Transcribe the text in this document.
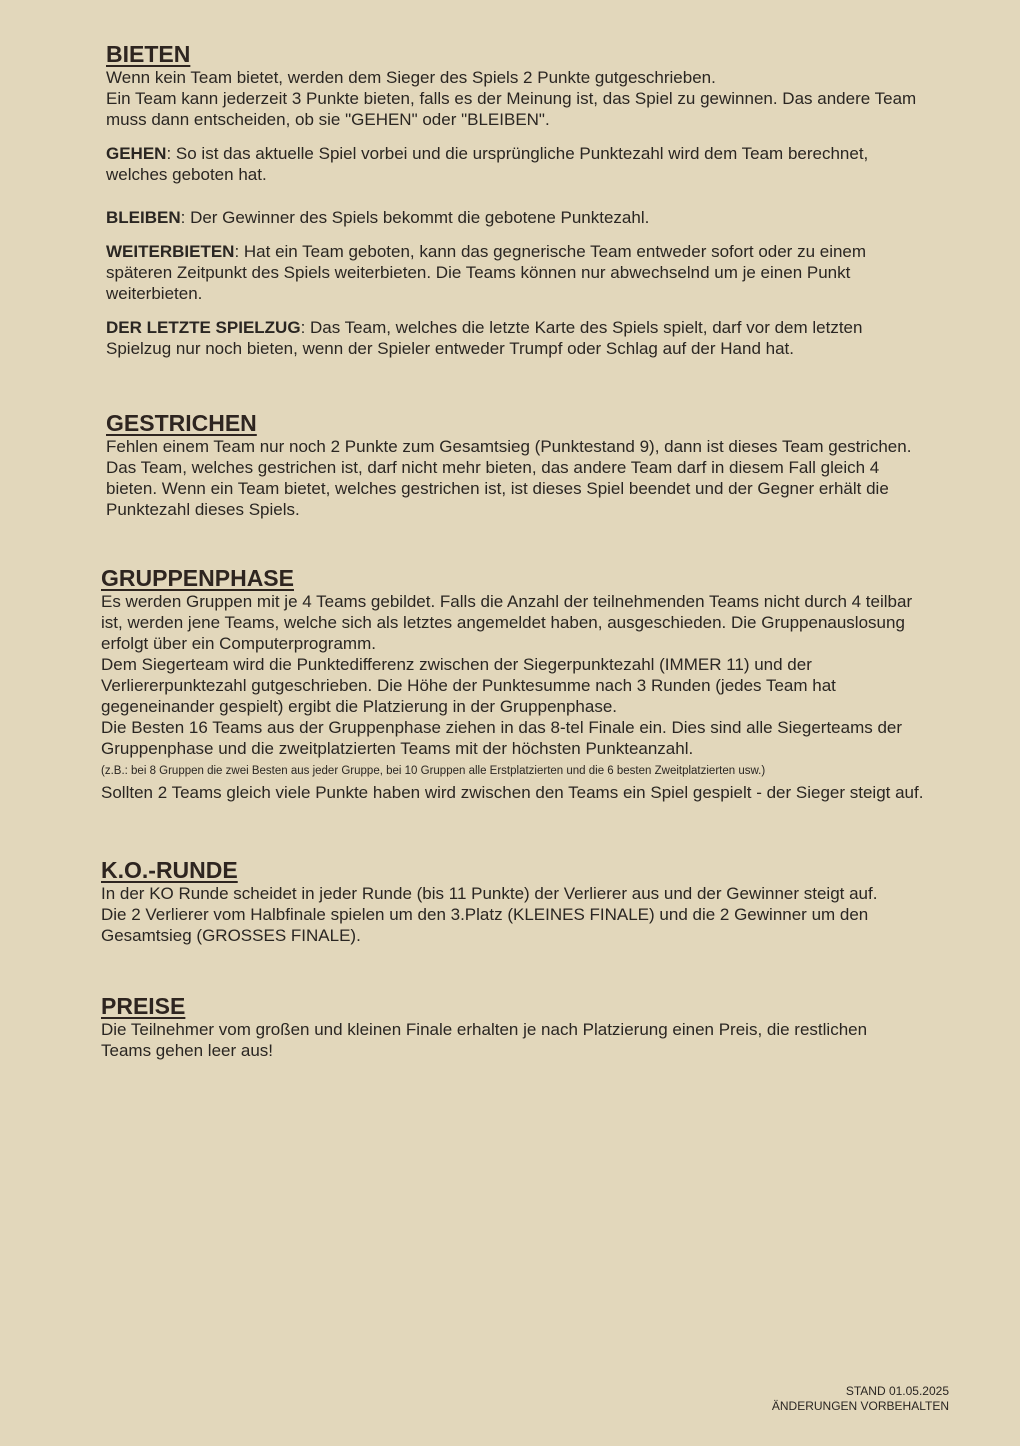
BIETEN

Wenn kein Team bietet, werden dem Sieger des Spiels 2 Punkte gutgeschrieben.

Ein Team kann jederzeit 3 Punkte bieten, falls es der Meinung ist, das Spiel zu gewinnen. Das andere Team muss dann entscheiden, ob sie "GEHEN" oder "BLEIBEN".

GEHEN: So ist das aktuelle Spiel vorbei und die ursprüngliche Punktezahl wird dem Team berechnet, welches geboten hat.

BLEIBEN: Der Gewinner des Spiels bekommt die gebotene Punktezahl.

WEITERBIETEN: Hat ein Team geboten, kann das gegnerische Team entweder sofort oder zu einem späteren Zeitpunkt des Spiels weiterbieten. Die Teams können nur abwechselnd um je einen Punkt weiterbieten.

DER LETZTE SPIELZUG: Das Team, welches die letzte Karte des Spiels spielt, darf vor dem letzten Spielzug nur noch bieten, wenn der Spieler entweder Trumpf oder Schlag auf der Hand hat.

GESTRICHEN

Fehlen einem Team nur noch 2 Punkte zum Gesamtsieg (Punktestand 9), dann ist dieses Team gestrichen.

Das Team, welches gestrichen ist, darf nicht mehr bieten, das andere Team darf in diesem Fall gleich 4 bieten. Wenn ein Team bietet, welches gestrichen ist, ist dieses Spiel beendet und der Gegner erhält die Punktezahl dieses Spiels.

GRUPPENPHASE

Es werden Gruppen mit je 4 Teams gebildet. Falls die Anzahl der teilnehmenden Teams nicht durch 4 teilbar ist, werden jene Teams, welche sich als letztes angemeldet haben, ausgeschieden. Die Gruppenauslosung erfolgt über ein Computerprogramm.

Dem Siegerteam wird die Punktedifferenz zwischen der Siegerpunktezahl (IMMER 11) und der Verliererpunktezahl gutgeschrieben. Die Höhe der Punktesumme nach 3 Runden (jedes Team hat gegeneinander gespielt) ergibt die Platzierung in der Gruppenphase.

Die Besten 16 Teams aus der Gruppenphase ziehen in das 8-tel Finale ein. Dies sind alle Siegerteams der Gruppenphase und die zweitplatzierten Teams mit der höchsten Punkteanzahl.

(z.B.: bei 8 Gruppen die zwei Besten aus jeder Gruppe, bei 10 Gruppen alle Erstplatzierten und die 6 besten Zweitplatzierten usw.)

Sollten 2 Teams gleich viele Punkte haben wird zwischen den Teams ein Spiel gespielt - der Sieger steigt auf.

K.O.-RUNDE

In der KO Runde scheidet in jeder Runde (bis 11 Punkte) der Verlierer aus und der Gewinner steigt auf.

Die 2 Verlierer vom Halbfinale spielen um den 3.Platz (KLEINES FINALE) und die 2 Gewinner um den Gesamtsieg (GROSSES FINALE).

PREISE

Die Teilnehmer vom großen und kleinen Finale erhalten je nach Platzierung einen Preis, die restlichen Teams gehen leer aus!

STAND 01.05.2025
ÄNDERUNGEN VORBEHALTEN
